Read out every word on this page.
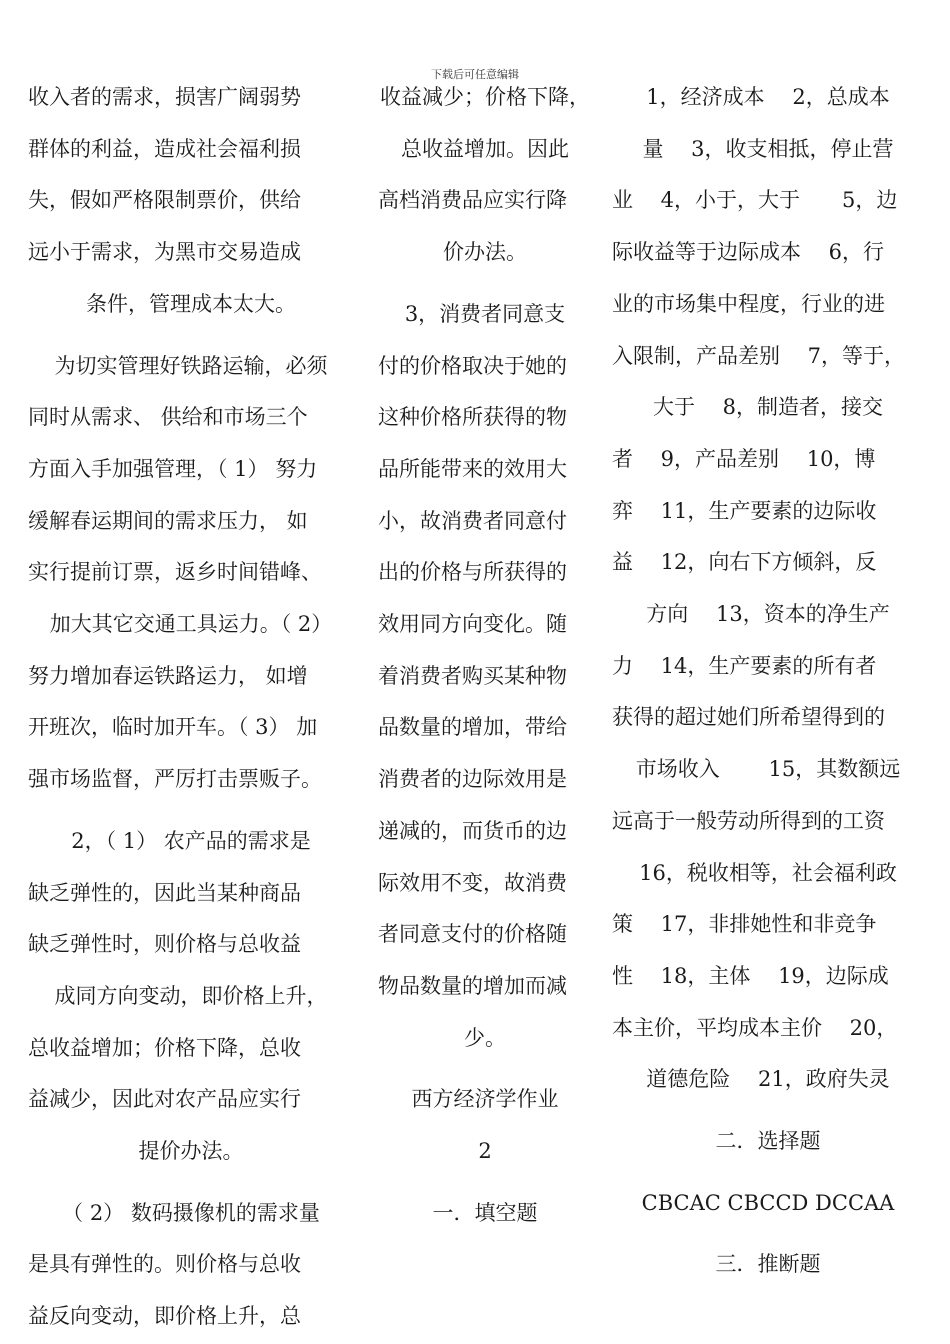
下载后可任意编辑
收入者的需求，损害广阔弱势
群体的利益，造成社会福利损
失，假如严格限制票价，供给
远小于需求，为黑市交易造成
条件，管理成本太大。
为切实管理好铁路运输，必须
同时从需求、 供给和市场三个
方面入手加强管理，（ 1） 努力
缓解春运期间的需求压力， 如
实行提前订票，返乡时间错峰、
加大其它交通工具运力。（ 2）
努力增加春运铁路运力， 如增
开班次，临时加开车。（ 3） 加
强市场监督，严厉打击票贩子。
2，（ 1） 农产品的需求是
缺乏弹性的，因此当某种商品
缺乏弹性时，则价格与总收益
成同方向变动，即价格上升，
总收益增加；价格下降，总收
益减少，因此对农产品应实行
提价办法。
（ 2） 数码摄像机的需求量
是具有弹性的。则价格与总收
益反向变动，即价格上升，总
收益减少；价格下降，
总收益增加。因此
高档消费品应实行降
价办法。
3，消费者同意支
付的价格取决于她的
这种价格所获得的物
品所能带来的效用大
小，故消费者同意付
出的价格与所获得的
效用同方向变化。随
着消费者购买某种物
品数量的增加，带给
消费者的边际效用是
递减的，而货币的边
际效用不变，故消费
者同意支付的价格随
物品数量的增加而减
少。
西方经济学作业
2
一．填空题
1，经济成本　 2，总成本
量　 3，收支相抵，停止营
业　 4，小于，大于　　5，边
际收益等于边际成本　 6，行
业的市场集中程度，行业的进
入限制，产品差别　 7，等于，
大于　 8，制造者，接交
者　 9，产品差别　 10，博
弈　 11，生产要素的边际收
益　 12，向右下方倾斜，反
方向　 13，资本的净生产
力　 14，生产要素的所有者
获得的超过她们所希望得到的
市场收入　　 15，其数额远
远高于一般劳动所得到的工资
16，税收相等，社会福利政
策　 17，非排她性和非竞争
性　 18，主体　 19，边际成
本主价，平均成本主价　 20，
道德危险　 21，政府失灵
二．选择题
CBCAC CBCCD DCCAA
三．推断题
